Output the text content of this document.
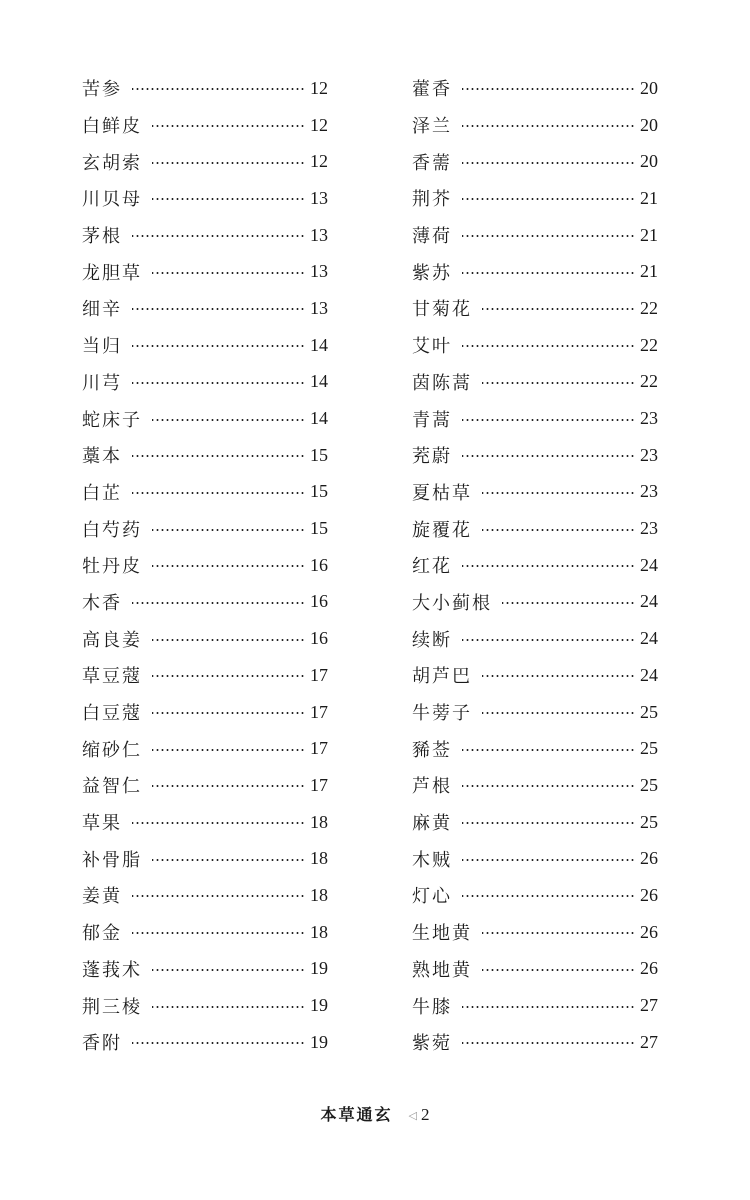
苦参	12
白鲜皮	12
玄胡索	12
川贝母	13
茅根	13
龙胆草	13
细辛	13
当归	14
川芎	14
蛇床子	14
藁本	15
白芷	15
白芍药	15
牡丹皮	16
木香	16
高良姜	16
草豆蔻	17
白豆蔻	17
缩砂仁	17
益智仁	17
草果	18
补骨脂	18
姜黄	18
郁金	18
蓬莪术	19
荆三棱	19
香附	19
藿香	20
泽兰	20
香薷	20
荆芥	21
薄荷	21
紫苏	21
甘菊花	22
艾叶	22
茵陈蒿	22
青蒿	23
茺蔚	23
夏枯草	23
旋覆花	23
红花	24
大小蓟根	24
续断	24
胡芦巴	24
牛蒡子	25
豨莶	25
芦根	25
麻黄	25
木贼	26
灯心	26
生地黄	26
熟地黄	26
牛膝	27
紫菀	27
本草通玄 ◁ 2
